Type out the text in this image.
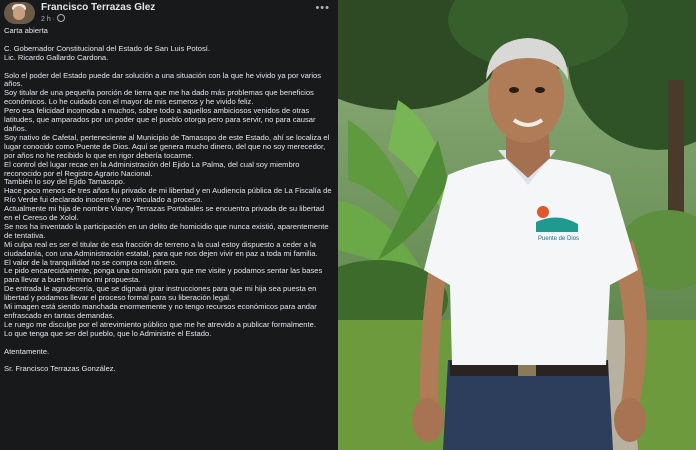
Francisco Terrazas Glez
2 h ·
•••
Carta abierta

C. Gobernador Constitucional del Estado de San Luis Potosí.
Lic. Ricardo Gallardo Cardona.

Solo el poder del Estado puede dar solución a una situación con la que he vivido ya por varios años.
Soy titular de una pequeña porción de tierra que me ha dado más problemas que beneficios económicos. Lo he cuidado con el mayor de mis esmeros y he vivido feliz.
Pero esa felicidad incomoda a muchos, sobre todo a aquellos ambiciosos venidos de otras latitudes, que amparados por un poder que el pueblo otorga pero para servir, no para causar daños.
Soy nativo de Cafetal, perteneciente al Municipio de Tamasopo de este Estado, ahí se localiza el lugar conocido como Puente de Dios. Aquí se genera mucho dinero, del que no soy merecedor, por años no he recibido lo que en rigor debería tocarme.
El control del lugar recae en la Administración del Ejido La Palma, del cual soy miembro reconocido por el Registro Agrario Nacional.
También lo soy del Ejido Tamasopo.
Hace poco menos de tres años fui privado de mi libertad y en Audiencia pública de La Fiscalía de Río Verde fui declarado inocente y no vinculado a proceso.
Actualmente mi hija de nombre Vianey Terrazas Portabales se encuentra privada de su libertad en el Cereso de Xolol.
Se nos ha inventado la participación en un delito de homicidio que nunca existió, aparentemente de tentativa.
Mi culpa real es ser el titular de esa fracción de terreno a la cual estoy dispuesto a ceder a la ciudadanía, con una Administración estatal, para que nos dejen vivir en paz a toda mi familia.
El valor de la tranquilidad no se compra con dinero.
Le pido encarecidamente, ponga una comisión para que me visite y podamos sentar las bases para llevar a buen término mi propuesta.
De entrada le agradecería, que se dignará girar instrucciones para que mi hija sea puesta en libertad y podamos llevar el proceso formal para su liberación legal.
Mi imagen está siendo manchada enormemente y no tengo recursos económicos para andar enfrascado en tantas demandas.
Le ruego me disculpe por el atrevimiento público que me he atrevido a publicar formalmente.
Lo que tenga que ser del pueblo, que lo Administre el Estado.

Atentamente.

Sr. Francisco Terrazas González.
Puente de Dios
